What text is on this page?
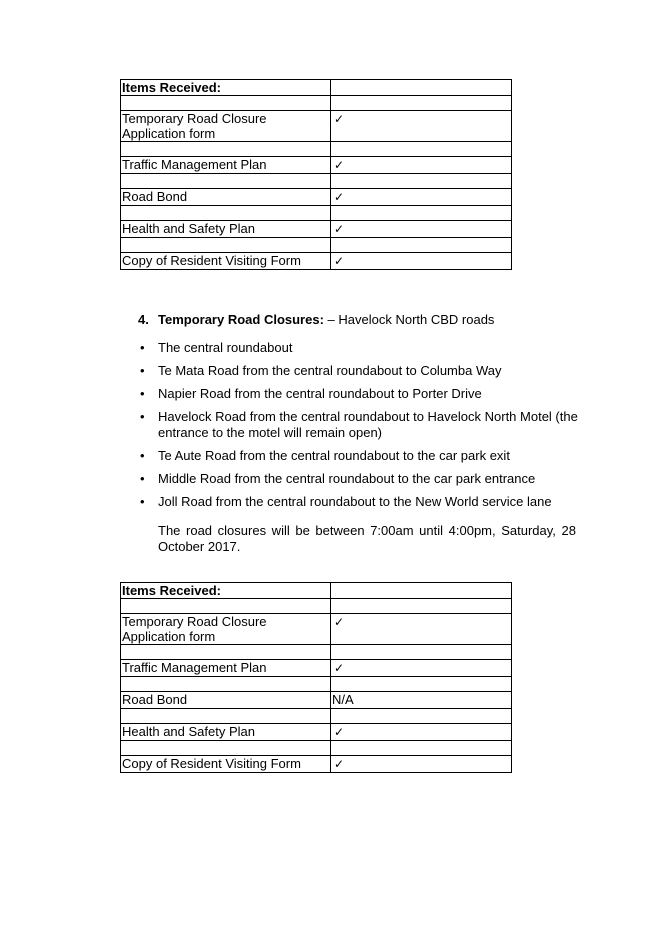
Items Received:	

Temporary Road Closure Application form	✓

Traffic Management Plan	✓

Road Bond	✓

Health and Safety Plan	✓

Copy of Resident Visiting Form	✓
4. Temporary Road Closures: – Havelock North CBD roads
• The central roundabout
• Te Mata Road from the central roundabout to Columba Way
• Napier Road from the central roundabout to Porter Drive
• Havelock Road from the central roundabout to Havelock North Motel (the entrance to the motel will remain open)
• Te Aute Road from the central roundabout to the car park exit
• Middle Road from the central roundabout to the car park entrance
• Joll Road from the central roundabout to the New World service lane
The road closures will be between 7:00am until 4:00pm, Saturday, 28 October 2017.
Items Received:	

Temporary Road Closure Application form	✓

Traffic Management Plan	✓

Road Bond	N/A

Health and Safety Plan	✓

Copy of Resident Visiting Form	✓
